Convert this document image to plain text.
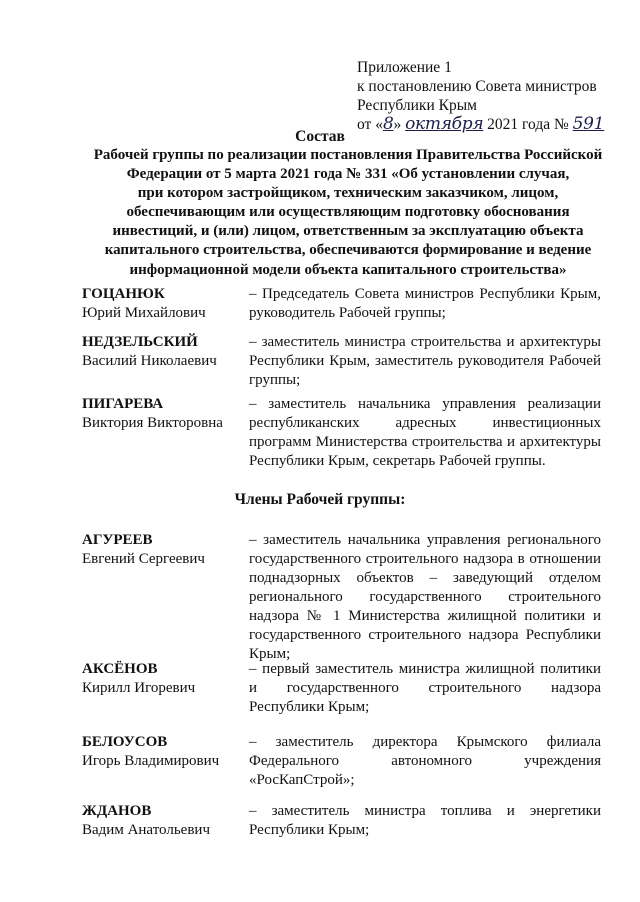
Приложение 1
к постановлению Совета министров
Республики Крым
от «8» октября 2021 года № 591
Состав
Рабочей группы по реализации постановления Правительства Российской
Федерации от 5 марта 2021 года № 331 «Об установлении случая,
при котором застройщиком, техническим заказчиком, лицом,
обеспечивающим или осуществляющим подготовку обоснования
инвестиций, и (или) лицом, ответственным за эксплуатацию объекта
капитального строительства, обеспечиваются формирование и ведение
информационной модели объекта капитального строительства»
ГОЦАНЮК
Юрий Михайлович
– Председатель Совета министров Республики Крым, руководитель Рабочей группы;
НЕДЗЕЛЬСКИЙ
Василий Николаевич
– заместитель министра строительства и архитектуры Республики Крым, заместитель руководителя Рабочей группы;
ПИГАРЕВА
Виктория Викторовна
– заместитель начальника управления реализации республиканских адресных инвестиционных программ Министерства строительства и архитектуры Республики Крым, секретарь Рабочей группы.
Члены Рабочей группы:
АГУРЕЕВ
Евгений Сергеевич
– заместитель начальника управления регионального государственного строительного надзора в отношении поднадзорных объектов – заведующий отделом регионального государственного строительного надзора № 1 Министерства жилищной политики и государственного строительного надзора Республики Крым;
АКСЁНОВ
Кирилл Игоревич
– первый заместитель министра жилищной политики и государственного строительного надзора Республики Крым;
БЕЛОУСОВ
Игорь Владимирович
– заместитель директора Крымского филиала Федерального автономного учреждения «РосКапСтрой»;
ЖДАНОВ
Вадим Анатольевич
– заместитель министра топлива и энергетики Республики Крым;
